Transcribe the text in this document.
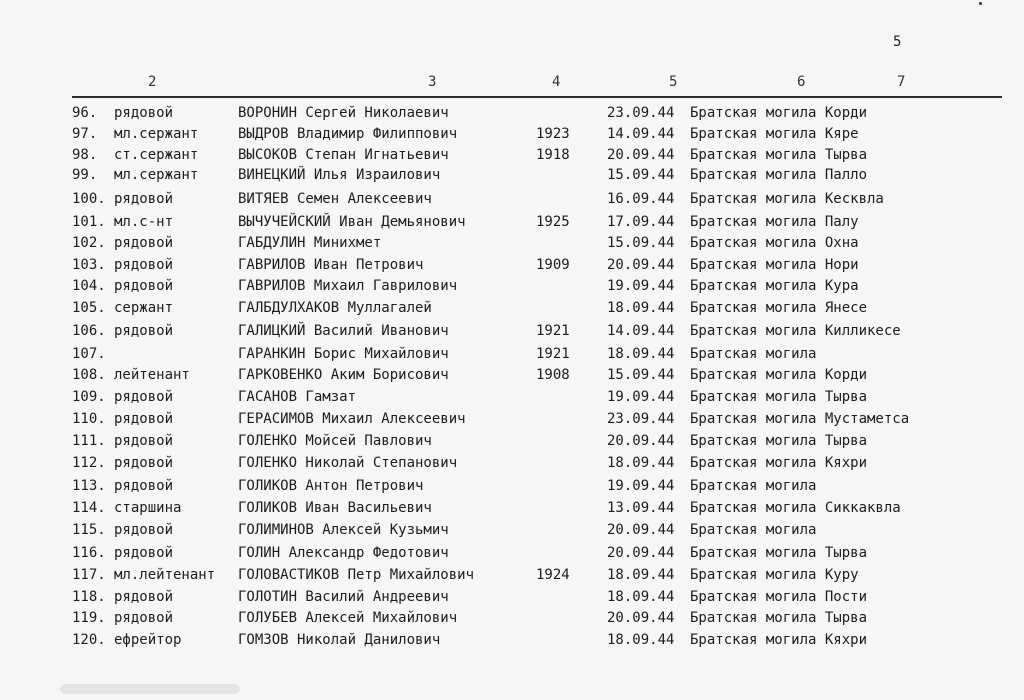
5
2	3	4	5	6	7
96. рядовой	ВОРОНИН Сергей Николаевич	23.09.44 Братская могила Корди
97. мл.сержант	ВЫДРОВ Владимир Филиппович	1923	14.09.44 Братская могила Кяре
98. ст.сержант	ВЫСОКОВ Степан Игнатьевич	1918	20.09.44 Братская могила Тырва
99. мл.сержант	ВИНЕЦКИЙ Илья Израилович	15.09.44 Братская могила Палло
100. рядовой	ВИТЯЕВ Семен Алексеевич	16.09.44 Братская могила Кесквла
101. мл.с-нт	ВЫЧУЧЕЙСКИЙ Иван Демьянович	1925	17.09.44 Братская могила Палу
102. рядовой	ГАБДУЛИН Минихмет	15.09.44 Братская могила Охна
103. рядовой	ГАВРИЛОВ Иван Петрович	1909	20.09.44 Братская могила Нори
104. рядовой	ГАВРИЛОВ Михаил Гаврилович	19.09.44 Братская могила Кура
105. сержант	ГАЛБДУЛХАКОВ Муллагалей	18.09.44 Братская могила Янесе
106. рядовой	ГАЛИЦКИЙ Василий Иванович	1921	14.09.44 Братская могила Килликесе
107.	ГАРАНКИН Борис Михайлович	1921	18.09.44 Братская могила
108. лейтенант	ГАРКОВЕНКО Аким Борисович	1908	15.09.44 Братская могила Корди
109. рядовой	ГАСАНОВ Гамзат	19.09.44 Братская могила Тырва
110. рядовой	ГЕРАСИМОВ Михаил Алексеевич	23.09.44 Братская могила Мустаметса
111. рядовой	ГОЛЕНКО Мойсей Павлович	20.09.44 Братская могила Тырва
112. рядовой	ГОЛЕНКО Николай Степанович	18.09.44 Братская могила Кяхри
113. рядовой	ГОЛИКОВ Антон Петрович	19.09.44 Братская могила
114. старшина	ГОЛИКОВ Иван Васильевич	13.09.44 Братская могила Сиккаквла
115. рядовой	ГОЛИМИНОВ Алексей Кузьмич	20.09.44 Братская могила
116. рядовой	ГОЛИН Александр Федотович	20.09.44 Братская могила Тырва
117. мл.лейтенант ГОЛОВАСТИКОВ Петр Михайлович	1924	18.09.44 Братская могила Куру
118. рядовой	ГОЛОТИН Василий Андреевич	18.09.44 Братская могила Пости
119. рядовой	ГОЛУБЕВ Алексей Михайлович	20.09.44 Братская могила Тырва
120. ефрейтор	ГОМЗОВ Николай Данилович	18.09.44 Братская могила Кяхри
